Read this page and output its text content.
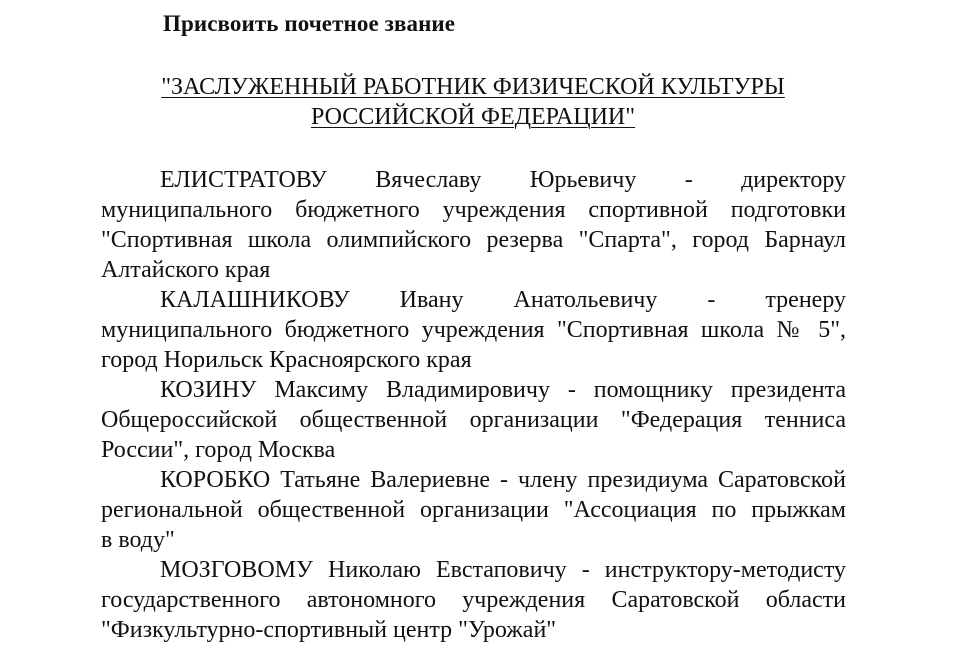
Присвоить почетное звание
"ЗАСЛУЖЕННЫЙ РАБОТНИК ФИЗИЧЕСКОЙ КУЛЬТУРЫ
РОССИЙСКОЙ ФЕДЕРАЦИИ"
ЕЛИСТРАТОВУ Вячеславу Юрьевичу - директору
муниципального бюджетного учреждения спортивной подготовки
"Спортивная школа олимпийского резерва "Спарта", город Барнаул
Алтайского края
КАЛАШНИКОВУ Ивану Анатольевичу - тренеру
муниципального бюджетного учреждения "Спортивная школа № 5",
город Норильск Красноярского края
КОЗИНУ Максиму Владимировичу - помощнику президента
Общероссийской общественной организации "Федерация тенниса
России", город Москва
КОРОБКО Татьяне Валериевне - члену президиума Саратовской
региональной общественной организации "Ассоциация по прыжкам
в воду"
МОЗГОВОМУ Николаю Евстаповичу - инструктору-методисту
государственного автономного учреждения Саратовской области
"Физкультурно-спортивный центр "Урожай"
